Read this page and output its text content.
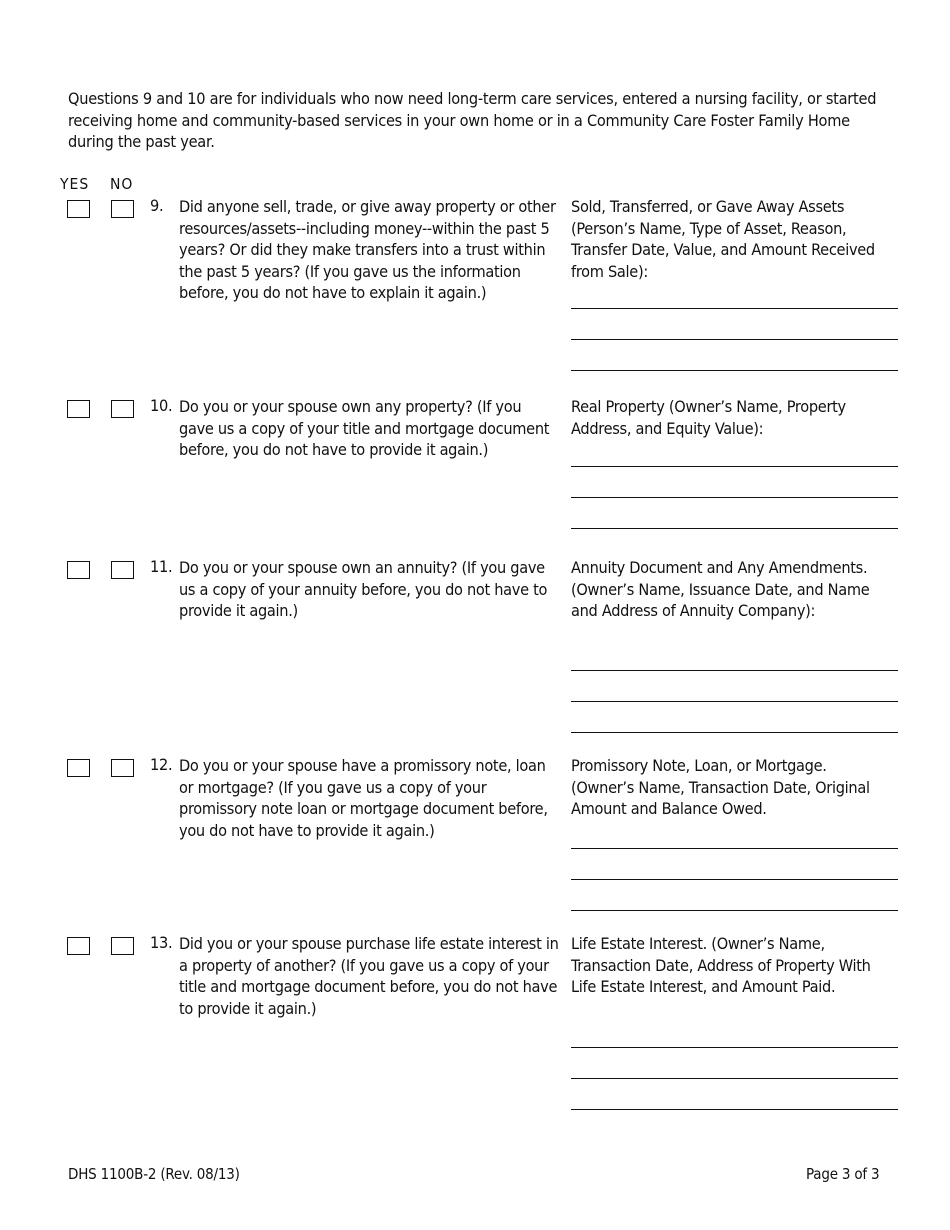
Questions 9 and 10 are for individuals who now need long-term care services, entered a nursing facility, or started receiving home and community-based services in your own home or in a Community Care Foster Family Home during the past year.
YES NO
9. Did anyone sell, trade, or give away property or other resources/assets--including money--within the past 5 years? Or did they make transfers into a trust within the past 5 years? (If you gave us the information before, you do not have to explain it again.)
Sold, Transferred, or Gave Away Assets (Person’s Name, Type of Asset, Reason, Transfer Date, Value, and Amount Received from Sale):
10. Do you or your spouse own any property? (If you gave us a copy of your title and mortgage document before, you do not have to provide it again.)
Real Property (Owner’s Name, Property Address, and Equity Value):
11. Do you or your spouse own an annuity? (If you gave us a copy of your annuity before, you do not have to provide it again.)
Annuity Document and Any Amendments. (Owner’s Name, Issuance Date, and Name and Address of Annuity Company):
12. Do you or your spouse have a promissory note, loan or mortgage? (If you gave us a copy of your promissory note loan or mortgage document before, you do not have to provide it again.)
Promissory Note, Loan, or Mortgage. (Owner’s Name, Transaction Date, Original Amount and Balance Owed.
13. Did you or your spouse purchase life estate interest in a property of another? (If you gave us a copy of your title and mortgage document before, you do not have to provide it again.)
Life Estate Interest. (Owner’s Name, Transaction Date, Address of Property With Life Estate Interest, and Amount Paid.
DHS 1100B-2 (Rev. 08/13)	Page 3 of 3
